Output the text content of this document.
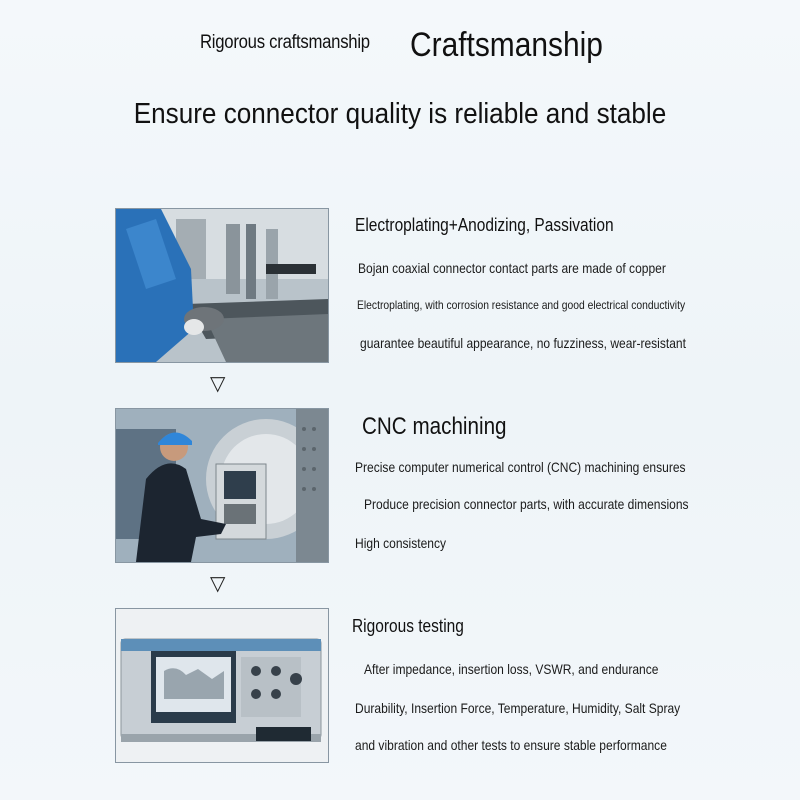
Rigorous craftsmanship Craftsmanship
Ensure connector quality is reliable and stable
▽
▽
Electroplating+Anodizing, Passivation
Bojan coaxial connector contact parts are made of copper
Electroplating, with corrosion resistance and good electrical conductivity
guarantee beautiful appearance, no fuzziness, wear-resistant
CNC machining
Precise computer numerical control (CNC) machining ensures
Produce precision connector parts, with accurate dimensions
High consistency
Rigorous testing
After impedance, insertion loss, VSWR, and endurance
Durability, Insertion Force, Temperature, Humidity, Salt Spray
and vibration and other tests to ensure stable performance
